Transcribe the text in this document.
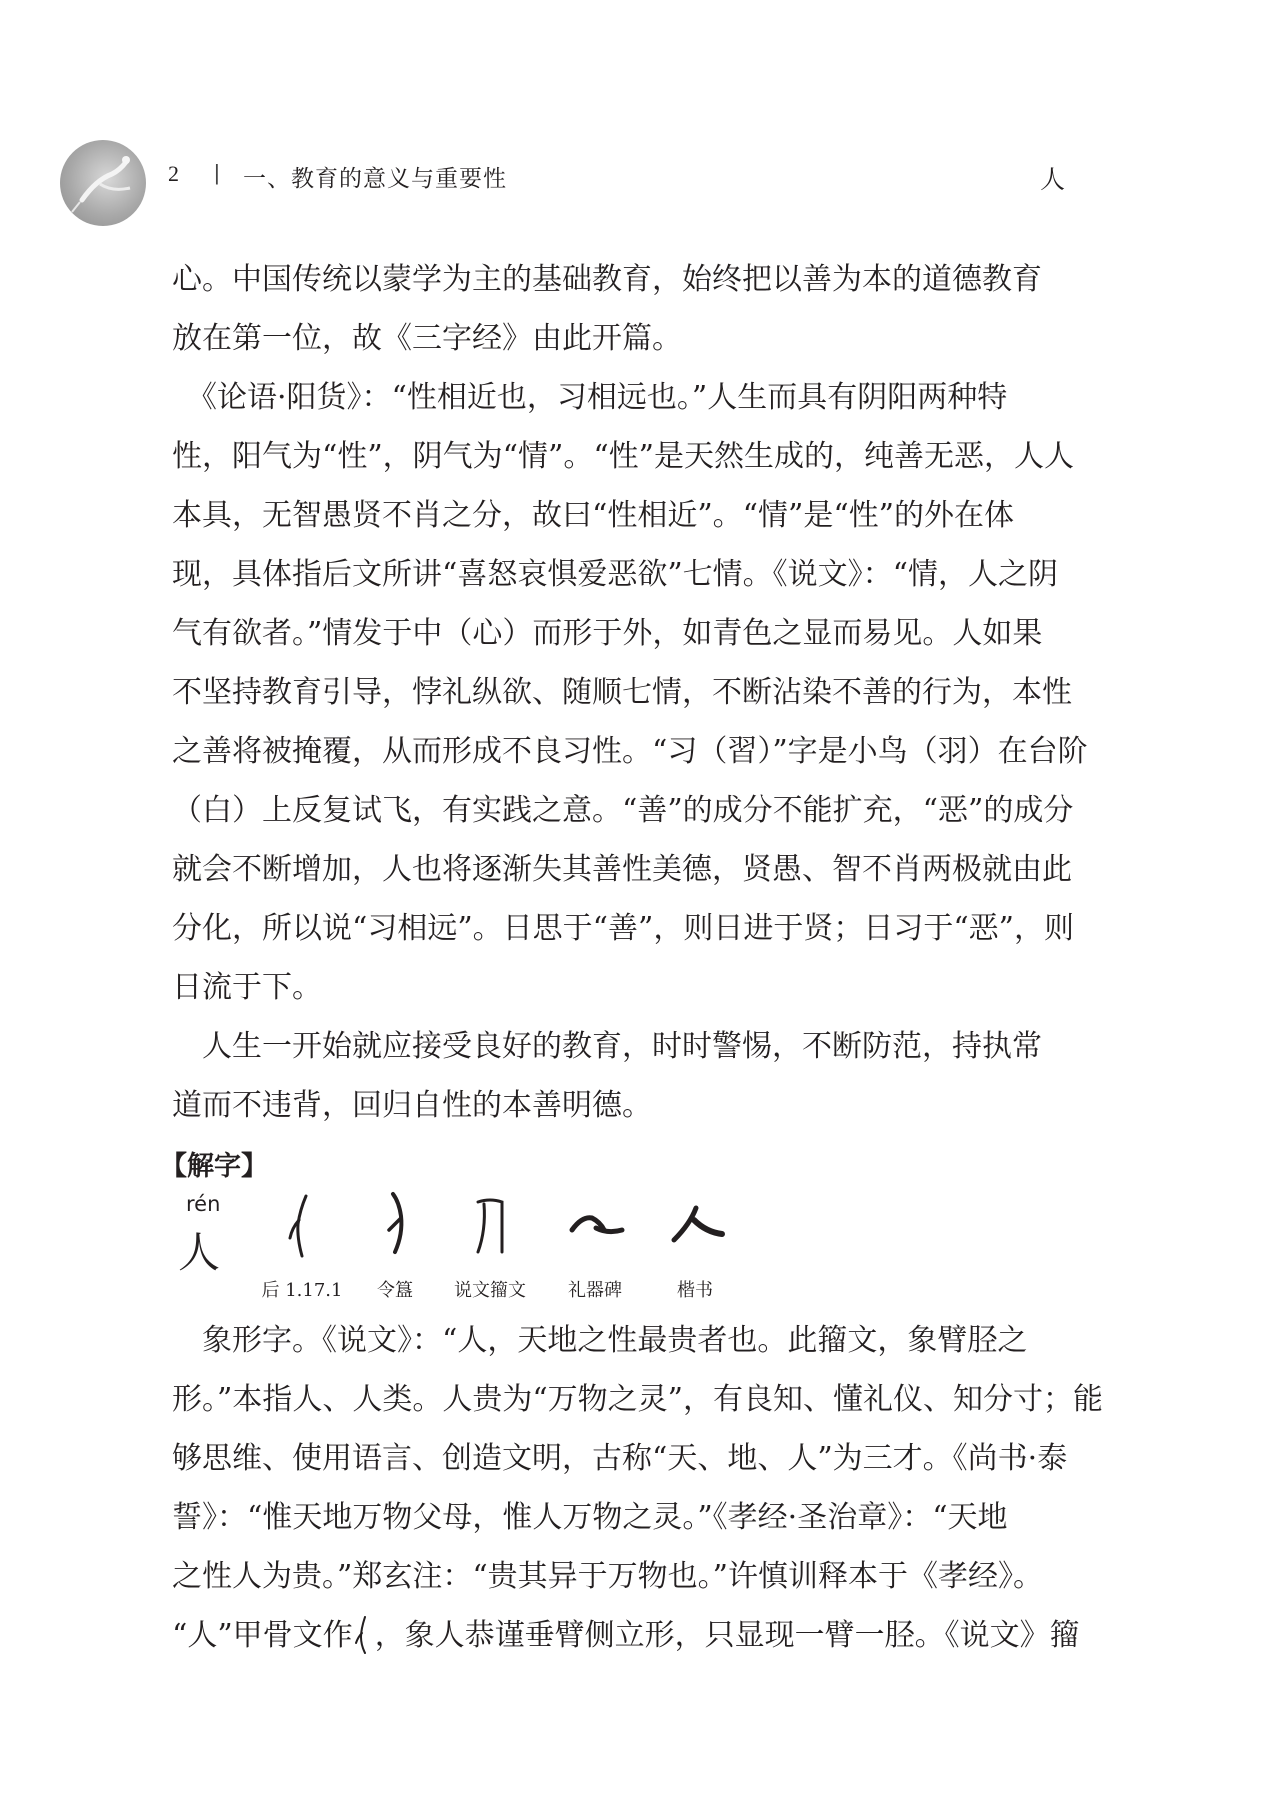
2 | 一、教育的意义与重要性	人
心。中国传统以蒙学为主的基础教育，始终把以善为本的道德教育
放在第一位，故《三字经》由此开篇。
　《论语·阳货》：“性相近也，习相远也。”人生而具有阴阳两种特
性，阳气为“性”，阴气为“情”。“性”是天然生成的，纯善无恶，人人
本具，无智愚贤不肖之分，故曰“性相近”。“情”是“性”的外在体
现，具体指后文所讲“喜怒哀惧爱恶欲”七情。《说文》：“情，人之阴
气有欲者。”情发于中（心）而形于外，如青色之显而易见。人如果
不坚持教育引导，悖礼纵欲、随顺七情，不断沾染不善的行为，本性
之善将被掩覆，从而形成不良习性。“习（習）”字是小鸟（羽）在台阶
（白）上反复试飞，有实践之意。“善”的成分不能扩充，“恶”的成分
就会不断增加，人也将逐渐失其善性美德，贤愚、智不肖两极就由此
分化，所以说“习相远”。日思于“善”，则日进于贤；日习于“恶”，则
日流于下。
　人生一开始就应接受良好的教育，时时警惕，不断防范，持执常
道而不违背，回归自性的本善明德。
【解字】
rén
人
后 1.17.1	令簋	说文籀文	礼器碑	楷书
　象形字。《说文》：“人，天地之性最贵者也。此籀文，象臂胫之
形。”本指人、人类。人贵为“万物之灵”，有良知、懂礼仪、知分寸；能
够思维、使用语言、创造文明，古称“天、地、人”为三才。《尚书·泰
誓》：“惟天地万物父母，惟人万物之灵。”《孝经·圣治章》：“天地
之性人为贵。”郑玄注：“贵其异于万物也。”许慎训释本于《孝经》。
“人”甲骨文作 ，象人恭谨垂臂侧立形，只显现一臂一胫。《说文》籀
